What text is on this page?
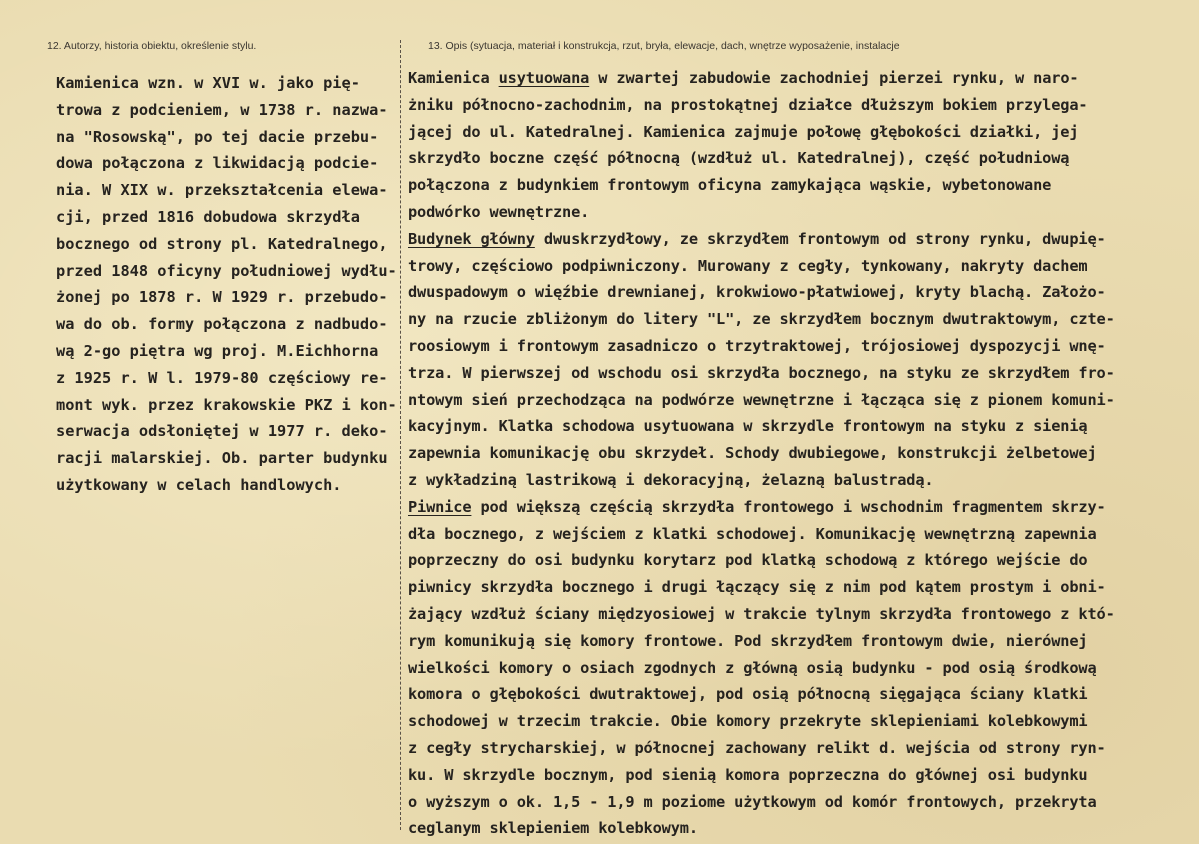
12. Autorzy, historia obiektu, określenie stylu.	13. Opis (sytuacja, materiał i konstrukcja, rzut, bryła, elewacje, dach, wnętrze wyposażenie, instalacje
Kamienica wzn. w XVI w. jako pię-
trowa z podcieniem, w 1738 r. nazwa-
na "Rosowską", po tej dacie przebu-
dowa połączona z likwidacją podcie-
nia. W XIX w. przekształcenia elewa-
cji, przed 1816 dobudowa skrzydła
bocznego od strony pl. Katedralnego,
przed 1848 oficyny południowej wydłu-
żonej po 1878 r. W 1929 r. przebudo-
wa do ob. formy połączona z nadbudo-
wą 2-go piętra wg proj. M.Eichhorna
z 1925 r. W l. 1979-80 częściowy re-
mont wyk. przez krakowskie PKZ i kon-
serwacja odsłoniętej w 1977 r. deko-
racji malarskiej. Ob. parter budynku
użytkowany w celach handlowych.
Kamienica usytuowana w zwartej zabudowie zachodniej pierzei rynku, w naro-
żniku północno-zachodnim, na prostokątnej działce dłuższym bokiem przylega-
jącej do ul. Katedralnej. Kamienica zajmuje połowę głębokości działki, jej
skrzydło boczne część północną (wzdłuż ul. Katedralnej), część południową
połączona z budynkiem frontowym oficyna zamykająca wąskie, wybetonowane
podwórko wewnętrzne.
Budynek główny dwuskrzydłowy, ze skrzydłem frontowym od strony rynku, dwupię-
trowy, częściowo podpiwniczony. Murowany z cegły, tynkowany, nakryty dachem
dwuspadowym o więźbie drewnianej, krokwiowo-płatwiowej, kryty blachą. Założo-
ny na rzucie zbliżonym do litery "L", ze skrzydłem bocznym dwutraktowym, czte-
roosiowym i frontowym zasadniczo o trzytraktowej, trójosiowej dyspozycji wnę-
trza. W pierwszej od wschodu osi skrzydła bocznego, na styku ze skrzydłem fro-
ntowym sień przechodząca na podwórze wewnętrzne i łącząca się z pionem komuni-
kacyjnym. Klatka schodowa usytuowana w skrzydle frontowym na styku z sienią
zapewnia komunikację obu skrzydeł. Schody dwubiegowe, konstrukcji żelbetowej
z wykładziną lastrikową i dekoracyjną, żelazną balustradą.
Piwnice pod większą częścią skrzydła frontowego i wschodnim fragmentem skrzy-
dła bocznego, z wejściem z klatki schodowej. Komunikację wewnętrzną zapewnia
poprzeczny do osi budynku korytarz pod klatką schodową z którego wejście do
piwnicy skrzydła bocznego i drugi łączący się z nim pod kątem prostym i obni-
żający wzdłuż ściany międzyosiowej w trakcie tylnym skrzydła frontowego z któ-
rym komunikują się komory frontowe. Pod skrzydłem frontowym dwie, nierównej
wielkości komory o osiach zgodnych z główną osią budynku - pod osią środkową
komora o głębokości dwutraktowej, pod osią północną sięgająca ściany klatki
schodowej w trzecim trakcie. Obie komory przekryte sklepieniami kolebkowymi
z cegły strycharskiej, w północnej zachowany relikt d. wejścia od strony ryn-
ku. W skrzydle bocznym, pod sienią komora poprzeczna do głównej osi budynku
o wyższym o ok. 1,5 - 1,9 m poziome użytkowym od komór frontowych, przekryta
ceglanym sklepieniem kolebkowym.
